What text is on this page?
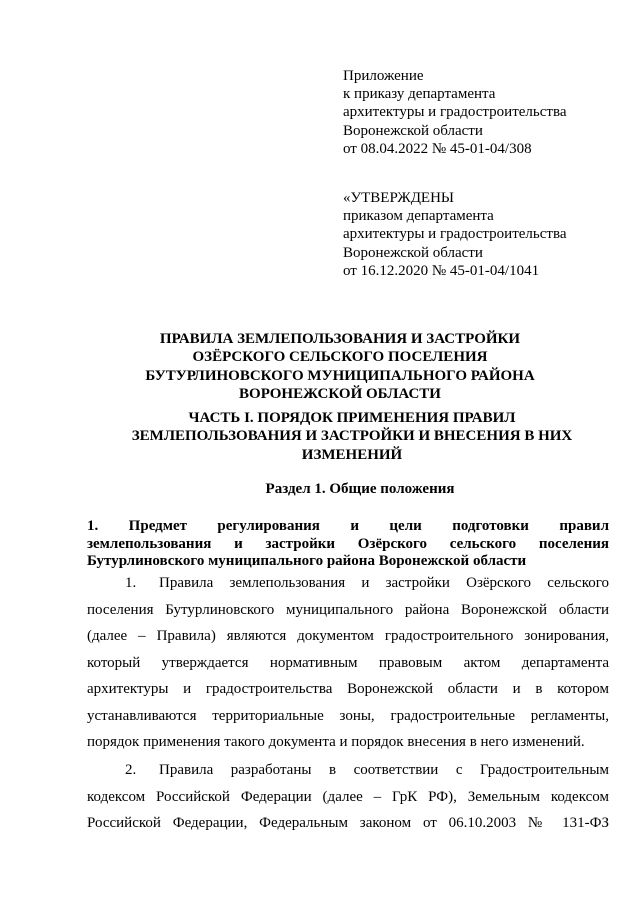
Приложение
к приказу департамента
архитектуры и градостроительства
Воронежской области
от 08.04.2022 № 45-01-04/308
«УТВЕРЖДЕНЫ
приказом департамента
архитектуры и градостроительства
Воронежской области
от 16.12.2020 № 45-01-04/1041
ПРАВИЛА ЗЕМЛЕПОЛЬЗОВАНИЯ И ЗАСТРОЙКИ
ОЗЁРСКОГО СЕЛЬСКОГО ПОСЕЛЕНИЯ
БУТУРЛИНОВСКОГО МУНИЦИПАЛЬНОГО РАЙОНА
ВОРОНЕЖСКОЙ ОБЛАСТИ
ЧАСТЬ I. ПОРЯДОК ПРИМЕНЕНИЯ ПРАВИЛ
ЗЕМЛЕПОЛЬЗОВАНИЯ И ЗАСТРОЙКИ И ВНЕСЕНИЯ В НИХ
ИЗМЕНЕНИЙ
Раздел 1. Общие положения
1. Предмет регулирования и цели подготовки правил
землепользования и застройки Озёрского сельского поселения
Бутурлиновского муниципального района Воронежской области
1. Правила землепользования и застройки Озёрского сельского
поселения Бутурлиновского муниципального района Воронежской области
(далее – Правила) являются документом градостроительного зонирования,
который утверждается нормативным правовым актом департамента
архитектуры и градостроительства Воронежской области и в котором
устанавливаются территориальные зоны, градостроительные регламенты,
порядок применения такого документа и порядок внесения в него изменений.
2. Правила разработаны в соответствии с Градостроительным
кодексом Российской Федерации (далее – ГрК РФ), Земельным кодексом
Российской Федерации, Федеральным законом от 06.10.2003 № 131-ФЗ
